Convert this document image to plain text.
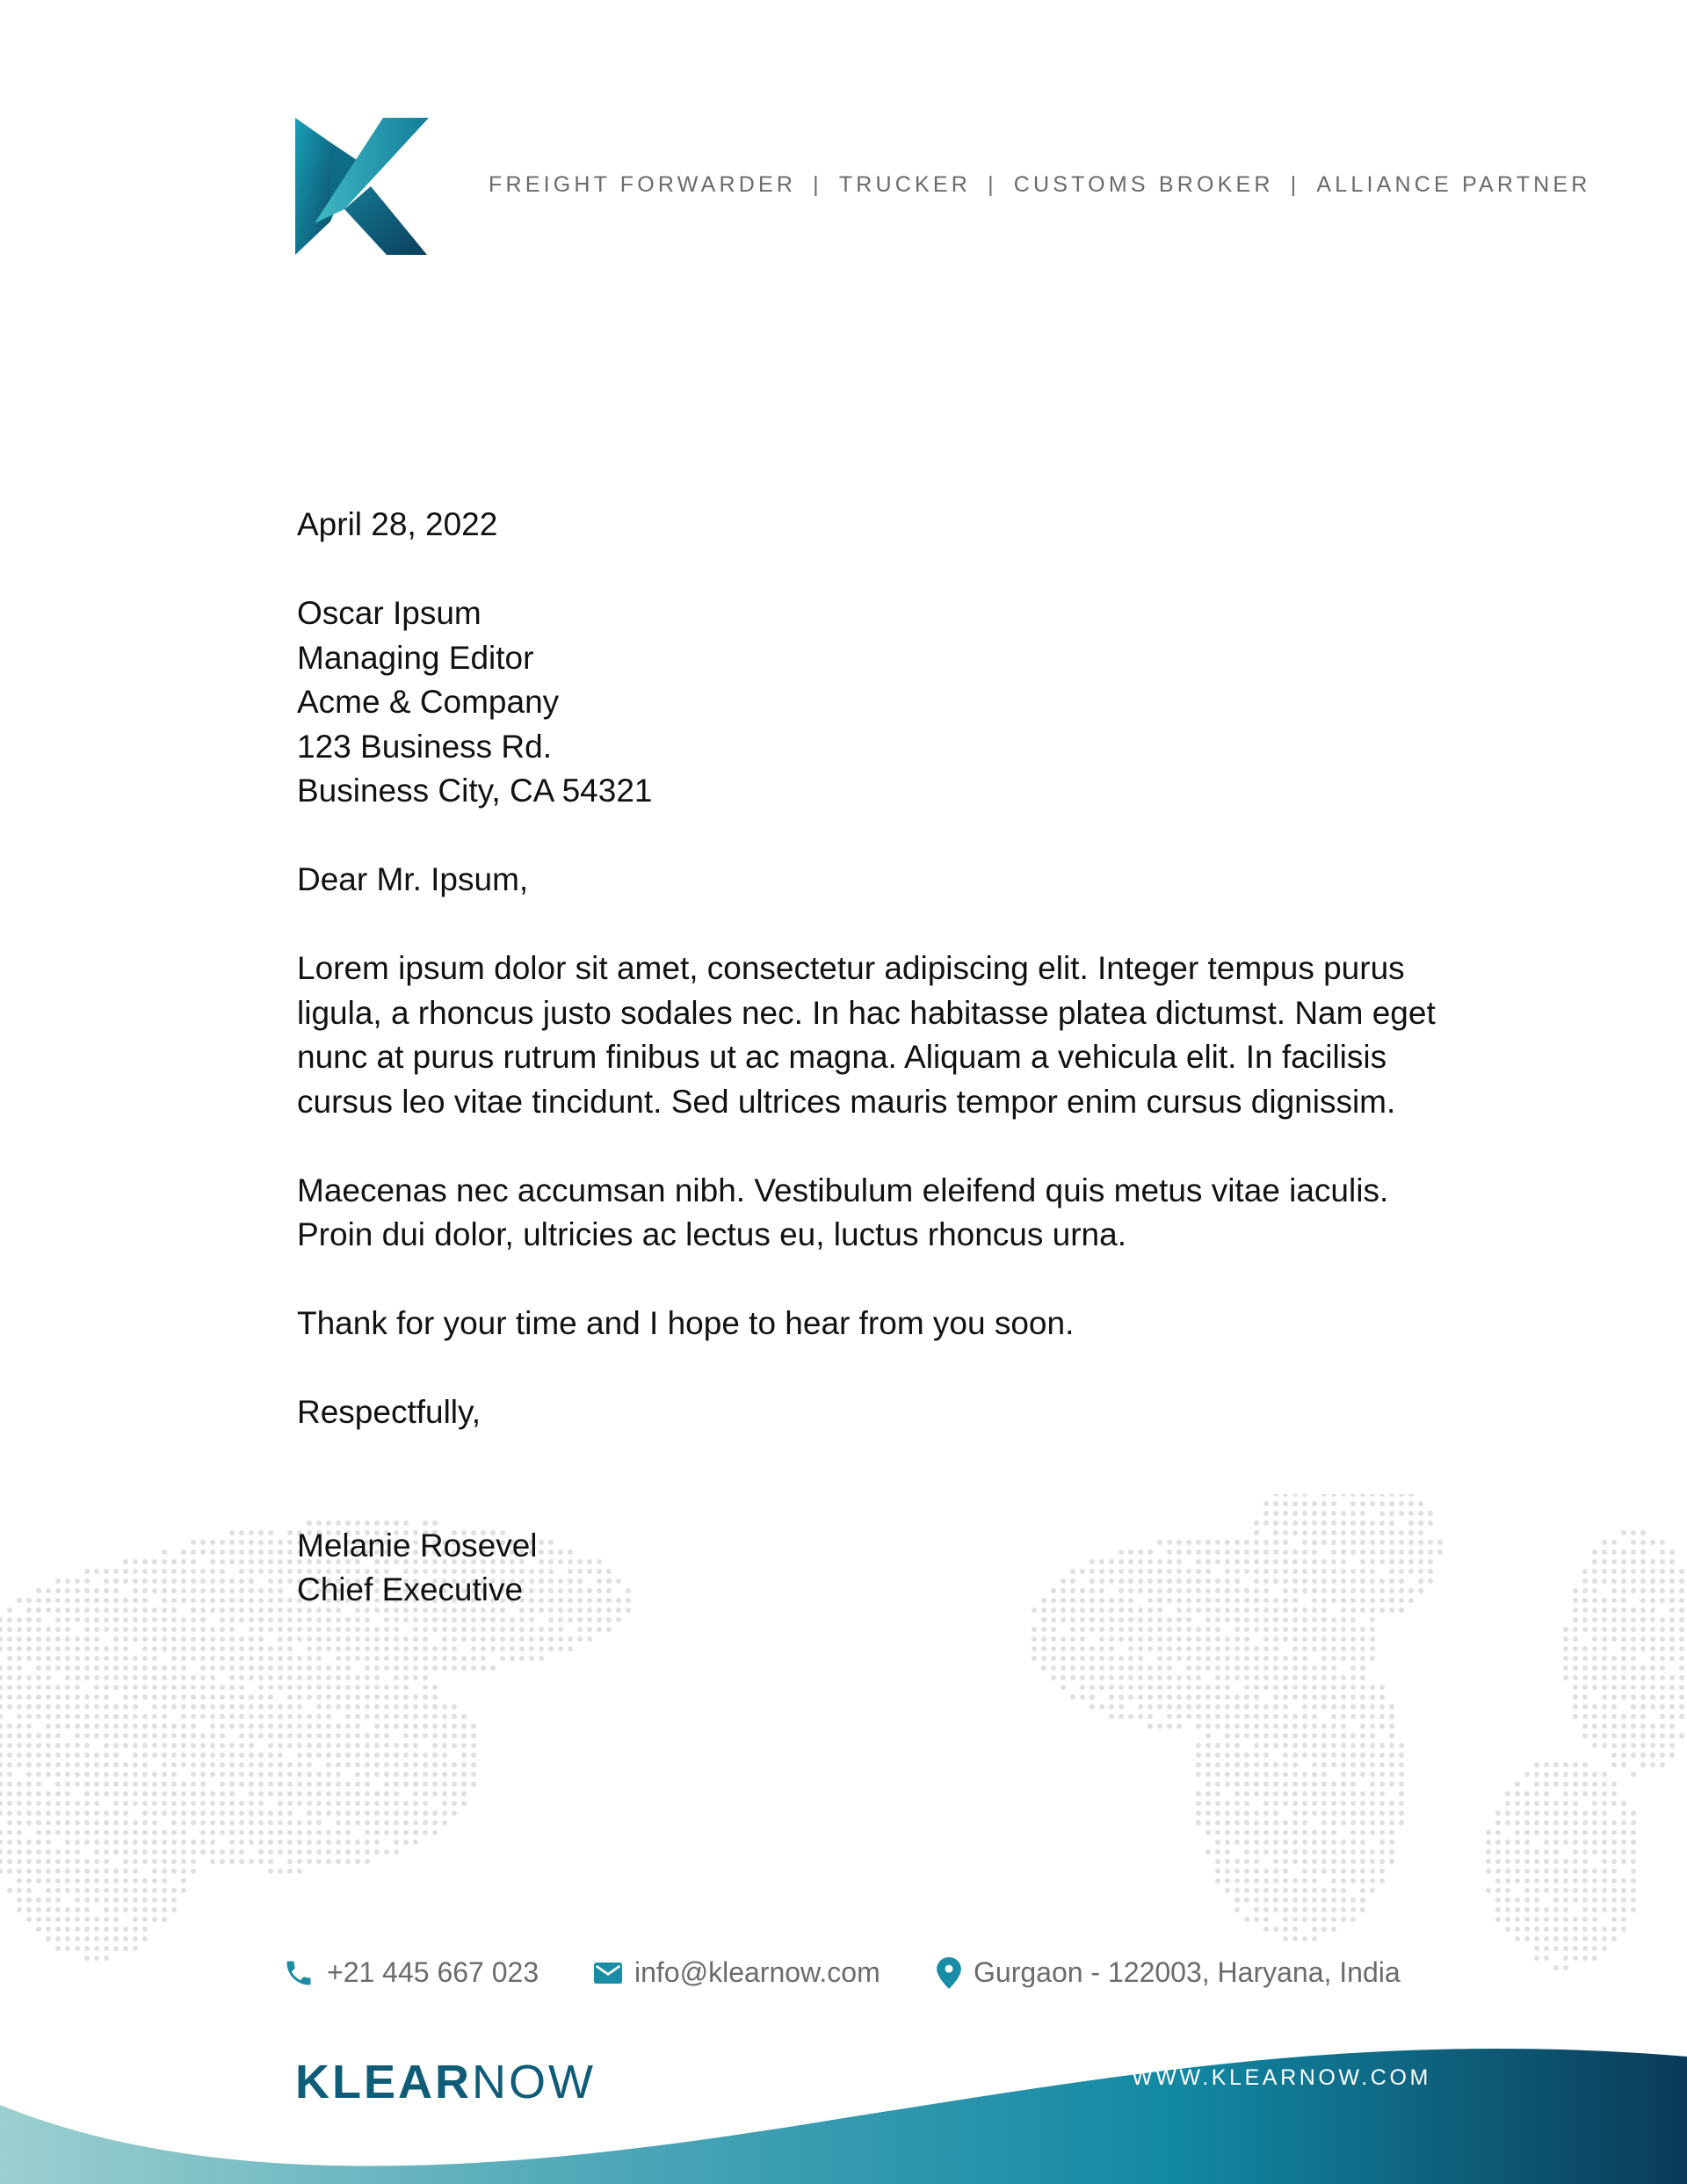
FREIGHT FORWARDER | TRUCKER | CUSTOMS BROKER | ALLIANCE PARTNER

April 28, 2022

Oscar Ipsum

Managing Editor

Acme & Company

123 Business Rd.

Business City, CA 54321

Dear Mr. Ipsum,

Lorem ipsum dolor sit amet, consectetur adipiscing elit. Integer tempus purus

ligula, a rhoncus justo sodales nec. In hac habitasse platea dictumst. Nam eget

nunc at purus rutrum finibus ut ac magna. Aliquam a vehicula elit. In facilisis

cursus leo vitae tincidunt. Sed ultrices mauris tempor enim cursus dignissim.

Maecenas nec accumsan nibh. Vestibulum eleifend quis metus vitae iaculis.

Proin dui dolor, ultricies ac lectus eu, luctus rhoncus urna.

Thank for your time and I hope to hear from you soon.

Respectfully,

Melanie Rosevel

Chief Executive

+21 445 667 023	info@klearnow.com	Gurgaon - 122003, Haryana, India
KLEARNOW	WWW.KLEARNOW.COM
